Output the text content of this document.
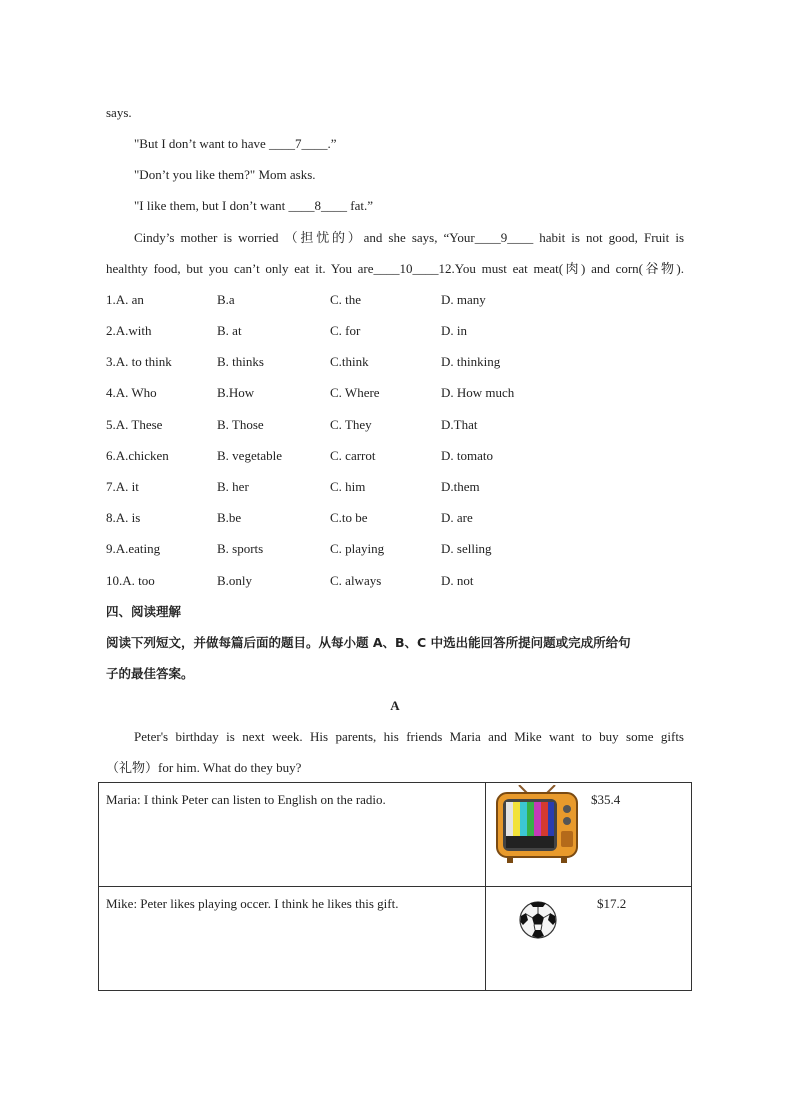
says.
"But I don’t want to have ____7____.”
"Don’t you like them?" Mom asks.
"I like them, but I don’t want ____8____ fat.”
Cindy’s mother is worried （担忧的）and she says, “Your____9____ habit is not good, Fruit is
healthty food, but you can’t only eat it. You are____10____12.You must eat meat(肉) and corn(谷物).
1.A. an	B.a	C. the	D. many
2.A.with	B. at	C. for	D. in
3.A. to think	B. thinks	C.think	D. thinking
4.A. Who	B.How	C. Where	D. How much
5.A. These	B. Those	C. They	D.That
6.A.chicken	B. vegetable	C. carrot	D. tomato
7.A. it	B. her	C. him	D.them
8.A. is	B.be	C.to be	D. are
9.A.eating	B. sports	C. playing	D. selling
10.A. too	B.only	C. always	D. not
四、阅读理解
阅读下列短文，并做每篇后面的题目。从每小题 A、B、C 中选出能回答所提问题或完成所给句
子的最佳答案。
A
Peter's birthday is next week. His parents, his friends Maria and Mike want to buy some gifts
（礼物）for him. What do they buy?
Maria: I think Peter can listen to English on the radio.	$35.4

Mike: Peter likes playing occer. I think he likes this gift.	$17.2
